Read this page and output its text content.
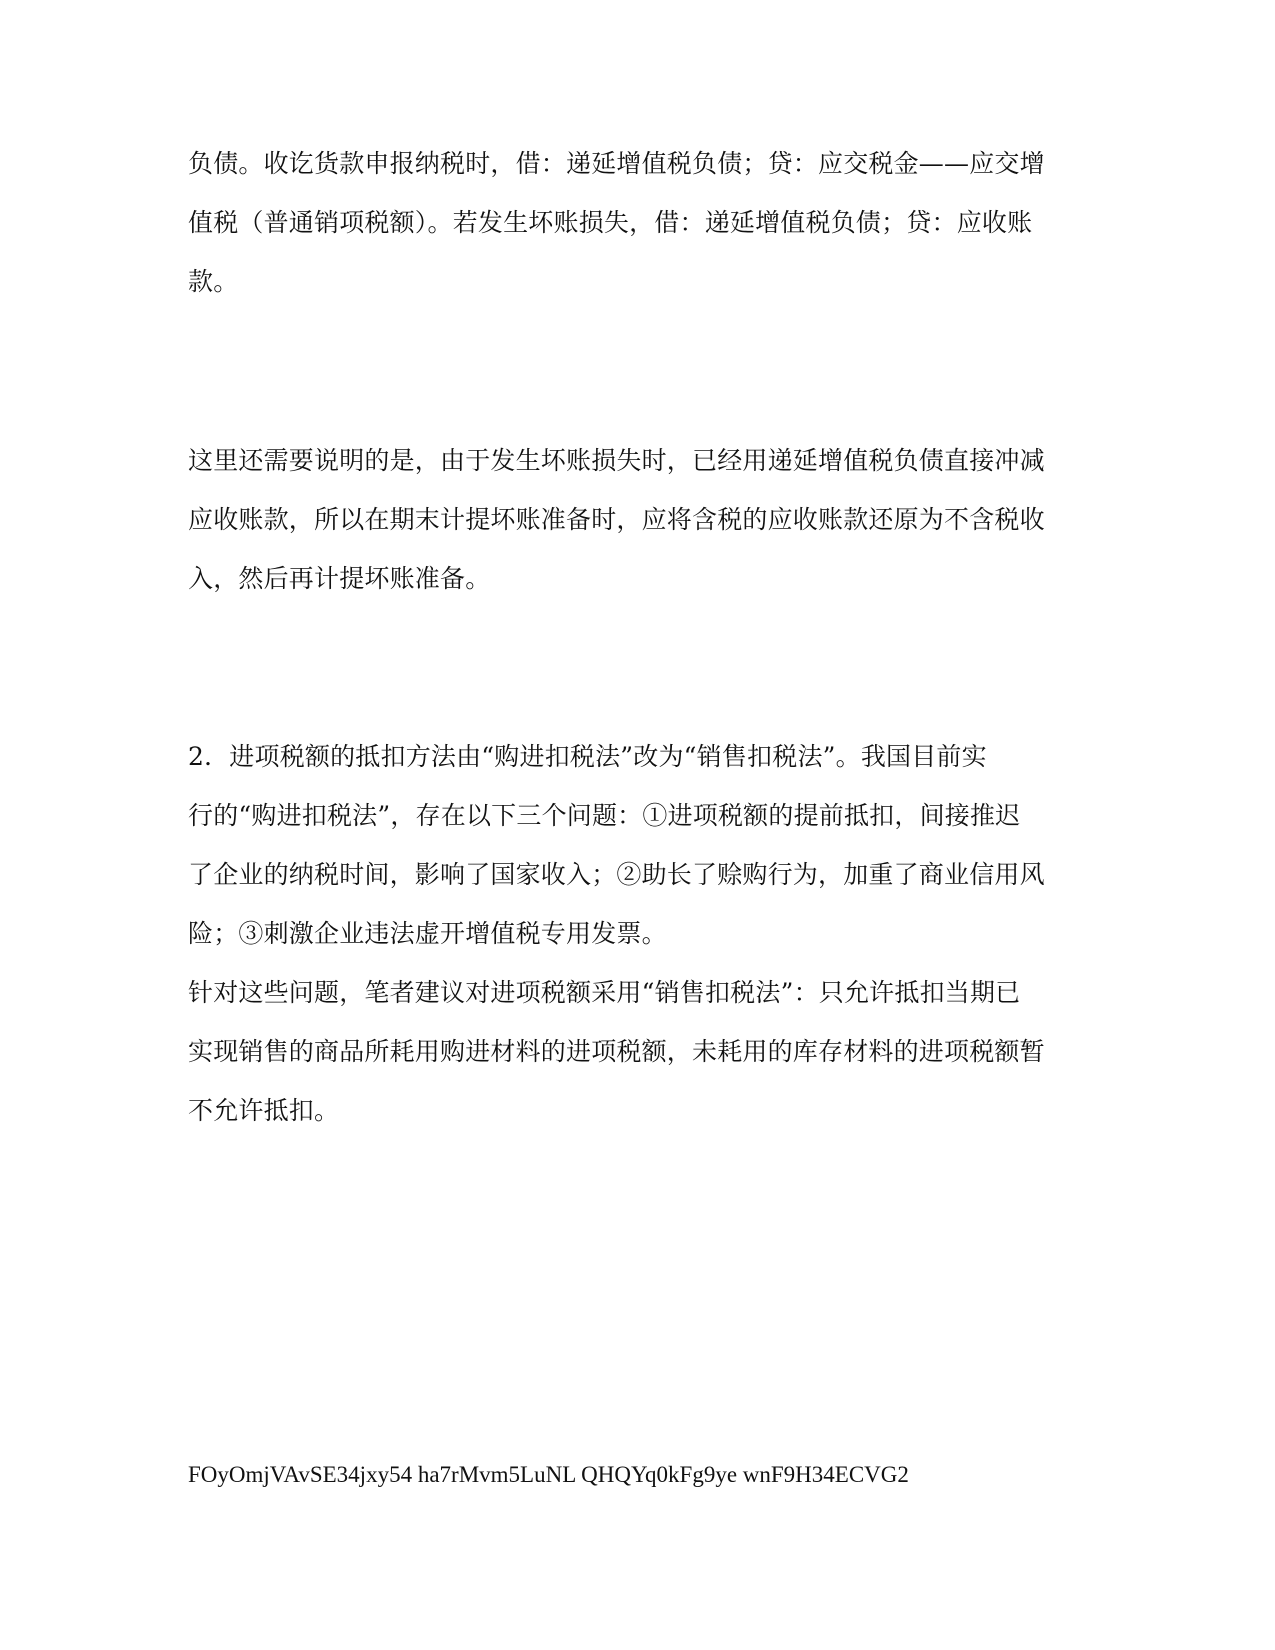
负债。收讫货款申报纳税时，借：递延增值税负债；贷：应交税金——应交增
值税（普通销项税额）。若发生坏账损失，借：递延增值税负债；贷：应收账
款。
这里还需要说明的是，由于发生坏账损失时，已经用递延增值税负债直接冲减
应收账款，所以在期末计提坏账准备时，应将含税的应收账款还原为不含税收
入，然后再计提坏账准备。
2．进项税额的抵扣方法由“购进扣税法”改为“销售扣税法”。我国目前实
行的“购进扣税法”，存在以下三个问题：①进项税额的提前抵扣，间接推迟
了企业的纳税时间，影响了国家收入；②助长了赊购行为，加重了商业信用风
险；③刺激企业违法虚开增值税专用发票。
针对这些问题，笔者建议对进项税额采用“销售扣税法”：只允许抵扣当期已
实现销售的商品所耗用购进材料的进项税额，未耗用的库存材料的进项税额暂
不允许抵扣。
FOyOmjVAvSE34jxy54 ha7rMvm5LuNL QHQYq0kFg9ye wnF9H34ECVG2
